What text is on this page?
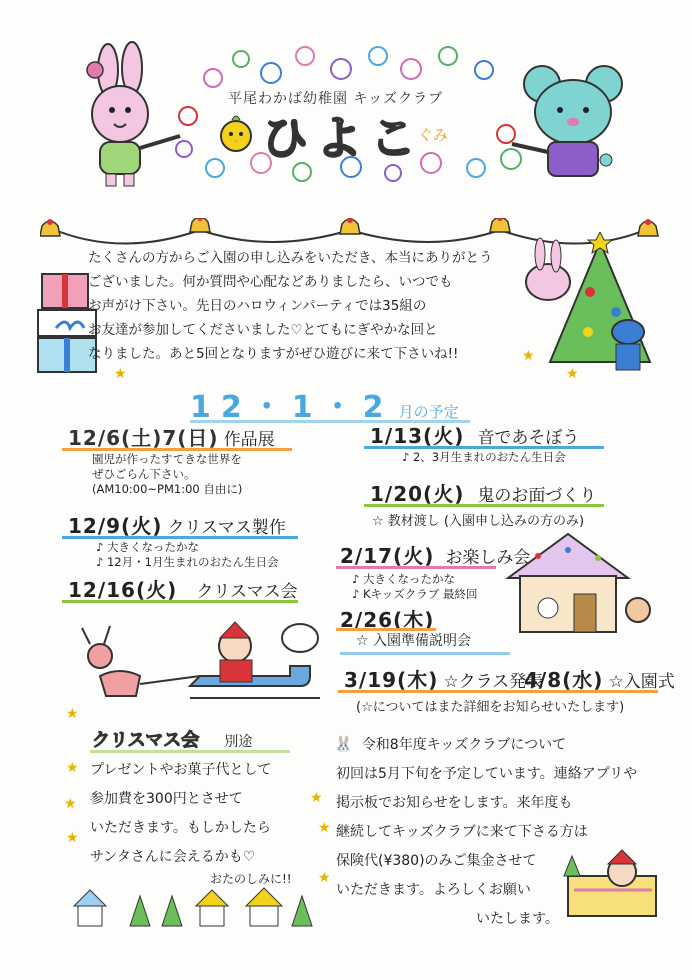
平尾わかば幼稚園 キッズクラブ
ひよこ
ぐみ
たくさんの方からご入園の申し込みをいただき、本当にありがとう
ございました。何か質問や心配などありましたら、いつでも
お声がけ下さい。先日のハロウィンパーティでは35組の
お友達が参加してくださいました♡とてもにぎやかな回と
なりました。あと5回となりますがぜひ遊びに来て下さいね!!
★	★
★
12・1・2 月の予定
12/6(土)7(日) 作品展
園児が作ったすてきな世界を
ぜひごらん下さい。
(AM10:00~PM1:00 自由に)
12/9(火) クリスマス製作
♪ 大きくなったかな
♪ 12月・1月生まれのおたん生日会
12/16(火) クリスマス会
1/13(火) 音であそぼう
♪ 2、3月生まれのおたん生日会
1/20(火) 鬼のお面づくり
☆ 教材渡し (入園申し込みの方のみ)
2/17(火) お楽しみ会
♪ 大きくなったかな
♪ Kキッズクラブ 最終回
2/26(木)
☆ 入園準備説明会
3/19(木) ☆クラス発表
4/8(水) ☆入園式
(☆についてはまた詳細をお知らせいたします)
クリスマス会 別途
プレゼントやお菓子代として
参加費を300円とさせて
いただきます。もしかしたら
サンタさんに会えるかも♡
おたのしみに!!
★
★
★
★
★
🐰 令和8年度キッズクラブについて
初回は5月下旬を予定しています。連絡アプリや
掲示板でお知らせをします。来年度も
継続してキッズクラブに来て下さる方は
保険代(¥380)のみご集金させて
いただきます。よろしくお願い
いたします。
★
★
